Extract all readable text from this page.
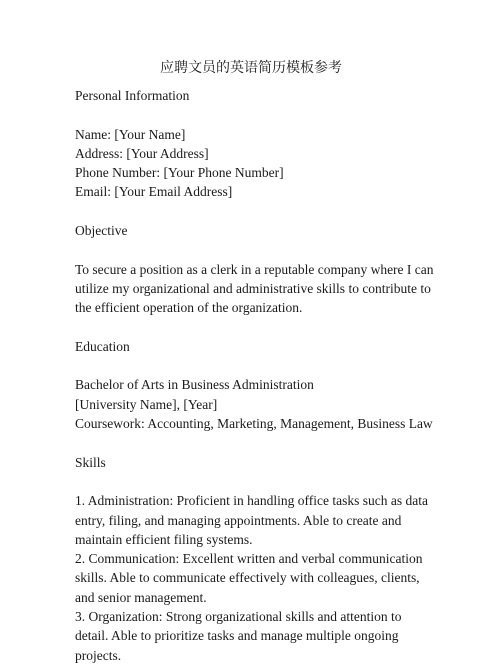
应聘文员的英语简历模板参考

Personal Information

Name: [Your Name]

Address: [Your Address]

Phone Number: [Your Phone Number]

Email: [Your Email Address]

Objective

To secure a position as a clerk in a reputable company where I can utilize my organizational and administrative skills to contribute to the efficient operation of the organization.

Education

Bachelor of Arts in Business Administration

[University Name], [Year]

Coursework: Accounting, Marketing, Management, Business Law

Skills

1. Administration: Proficient in handling office tasks such as data entry, filing, and managing appointments. Able to create and maintain efficient filing systems.

2. Communication: Excellent written and verbal communication skills. Able to communicate effectively with colleagues, clients, and senior management.

3. Organization: Strong organizational skills and attention to detail. Able to prioritize tasks and manage multiple ongoing projects.
